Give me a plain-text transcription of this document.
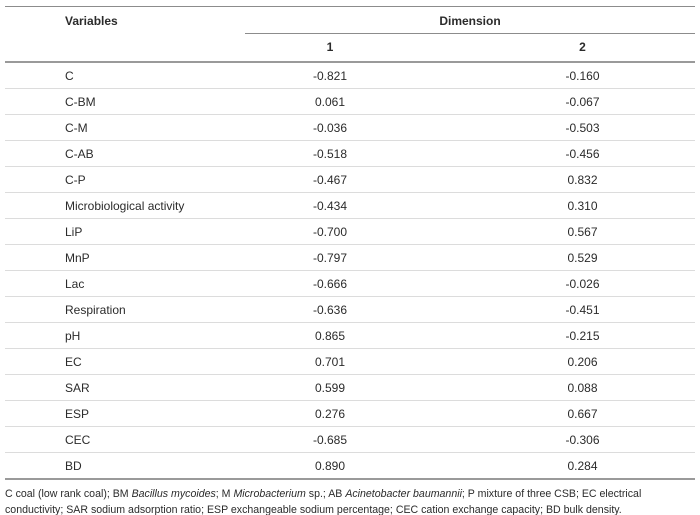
Variables	Dimension	
	1	2
C	-0.821	-0.160
C-BM	0.061	-0.067
C-M	-0.036	-0.503
C-AB	-0.518	-0.456
C-P	-0.467	0.832
Microbiological activity	-0.434	0.310
LiP	-0.700	0.567
MnP	-0.797	0.529
Lac	-0.666	-0.026
Respiration	-0.636	-0.451
pH	0.865	-0.215
EC	0.701	0.206
SAR	0.599	0.088
ESP	0.276	0.667
CEC	-0.685	-0.306
BD	0.890	0.284

C coal (low rank coal); BM Bacillus mycoides; M Microbacterium sp.; AB Acinetobacter baumannii; P mixture of three CSB; EC electrical conductivity; SAR sodium adsorption ratio; ESP exchangeable sodium percentage; CEC cation exchange capacity; BD bulk density.
